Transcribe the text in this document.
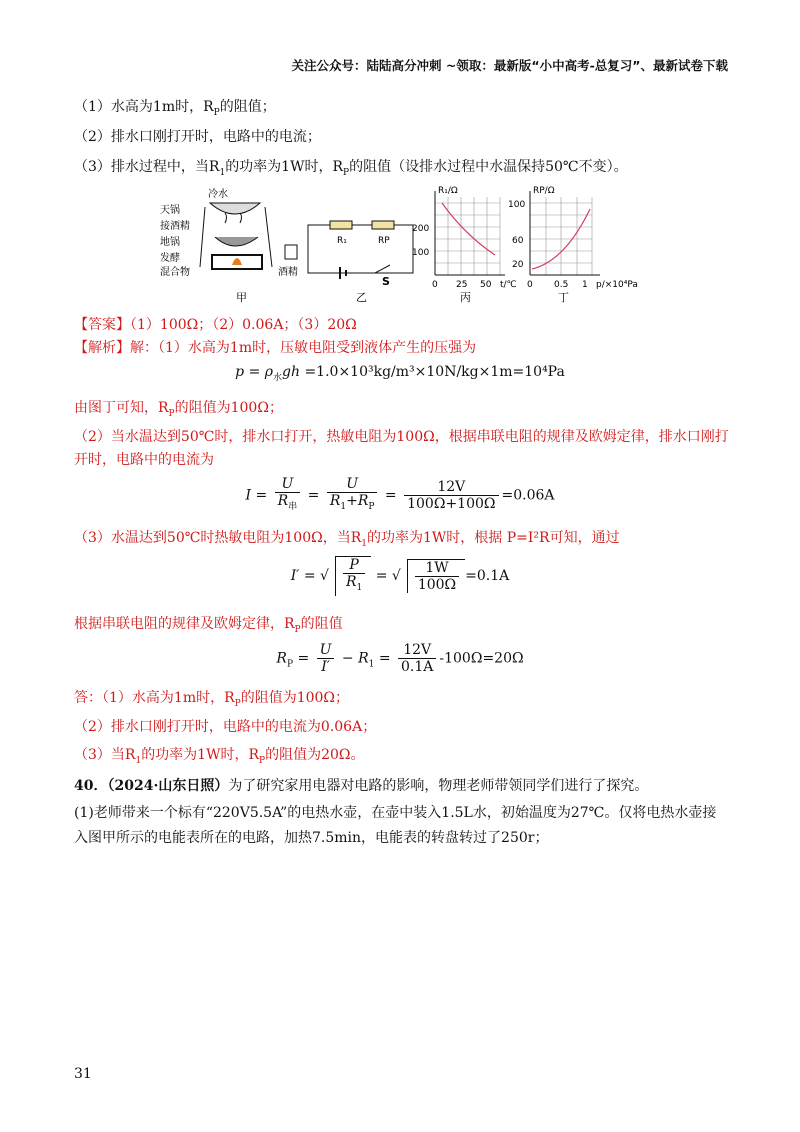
关注公众号：陆陆高分冲刺 ~领取：最新版“小中高考-总复习”、最新试卷下载
（1）水高为1m时，$R_P$的阻值；
（2）排水口刚打开时，电路中的电流；
（3）排水过程中，当$R_1$的功率为1W时，$R_P$的阻值（设排水过程中水温保持50℃不变）。
冷水
天锅
接酒精
地锅
发酵
混合物	酒精
甲
R₁	RP
S
乙
R₁/Ω
200
100
0 25 50 t/℃
丙
RP/Ω
100
60
20
0 0.5 1 p/×10⁴Pa
丁
【答案】（1）100Ω；（2）0.06A；（3）20Ω
【解析】解：（1）水高为1m时，压敏电阻受到液体产生的压强为
$p = \rho_水gh =1.0\times 10^3kg/m^3\times 10N/kg\times 1m=10^4Pa$
由图丁可知，$R_P$的阻值为100Ω；
（2）当水温达到50℃时，排水口打开，热敏电阻为100Ω，根据串联电阻的规律及欧姆定律，排水口刚打
开时，电路中的电流为
$I = \frac{U}{R_串} = \frac{U}{R_1+R_P} = \frac{12V}{100\Omega+100\Omega} =0.06A$
（3）水温达到50℃时热敏电阻为100Ω，当$R_1$的功率为1W时，根据 P=I²R可知，通过
I′ = √ $\frac{P}{R_1}$ = √ $\frac{1W}{100\Omega} =0.1A$
根据串联电阻的规律及欧姆定律，$R_P$的阻值
$R_P = \frac{U}{I'} - R_1 = \frac{12V}{0.1A} -100\Omega=20\Omega$
答：（1）水高为1m时，$R_P$的阻值为100Ω；
（2）排水口刚打开时，电路中的电流为0.06A；
（3）当$R_1$的功率为1W时，$R_P$的阻值为20Ω。
40．（2024·山东日照）为了研究家用电器对电路的影响，物理老师带领同学们进行了探究。
(1)老师带来一个标有“220V5.5A”的电热水壶，在壶中装入1.5L水，初始温度为27℃。仅将电热水壶接
入图甲所示的电能表所在的电路，加热7.5min，电能表的转盘转过了250r；
31
